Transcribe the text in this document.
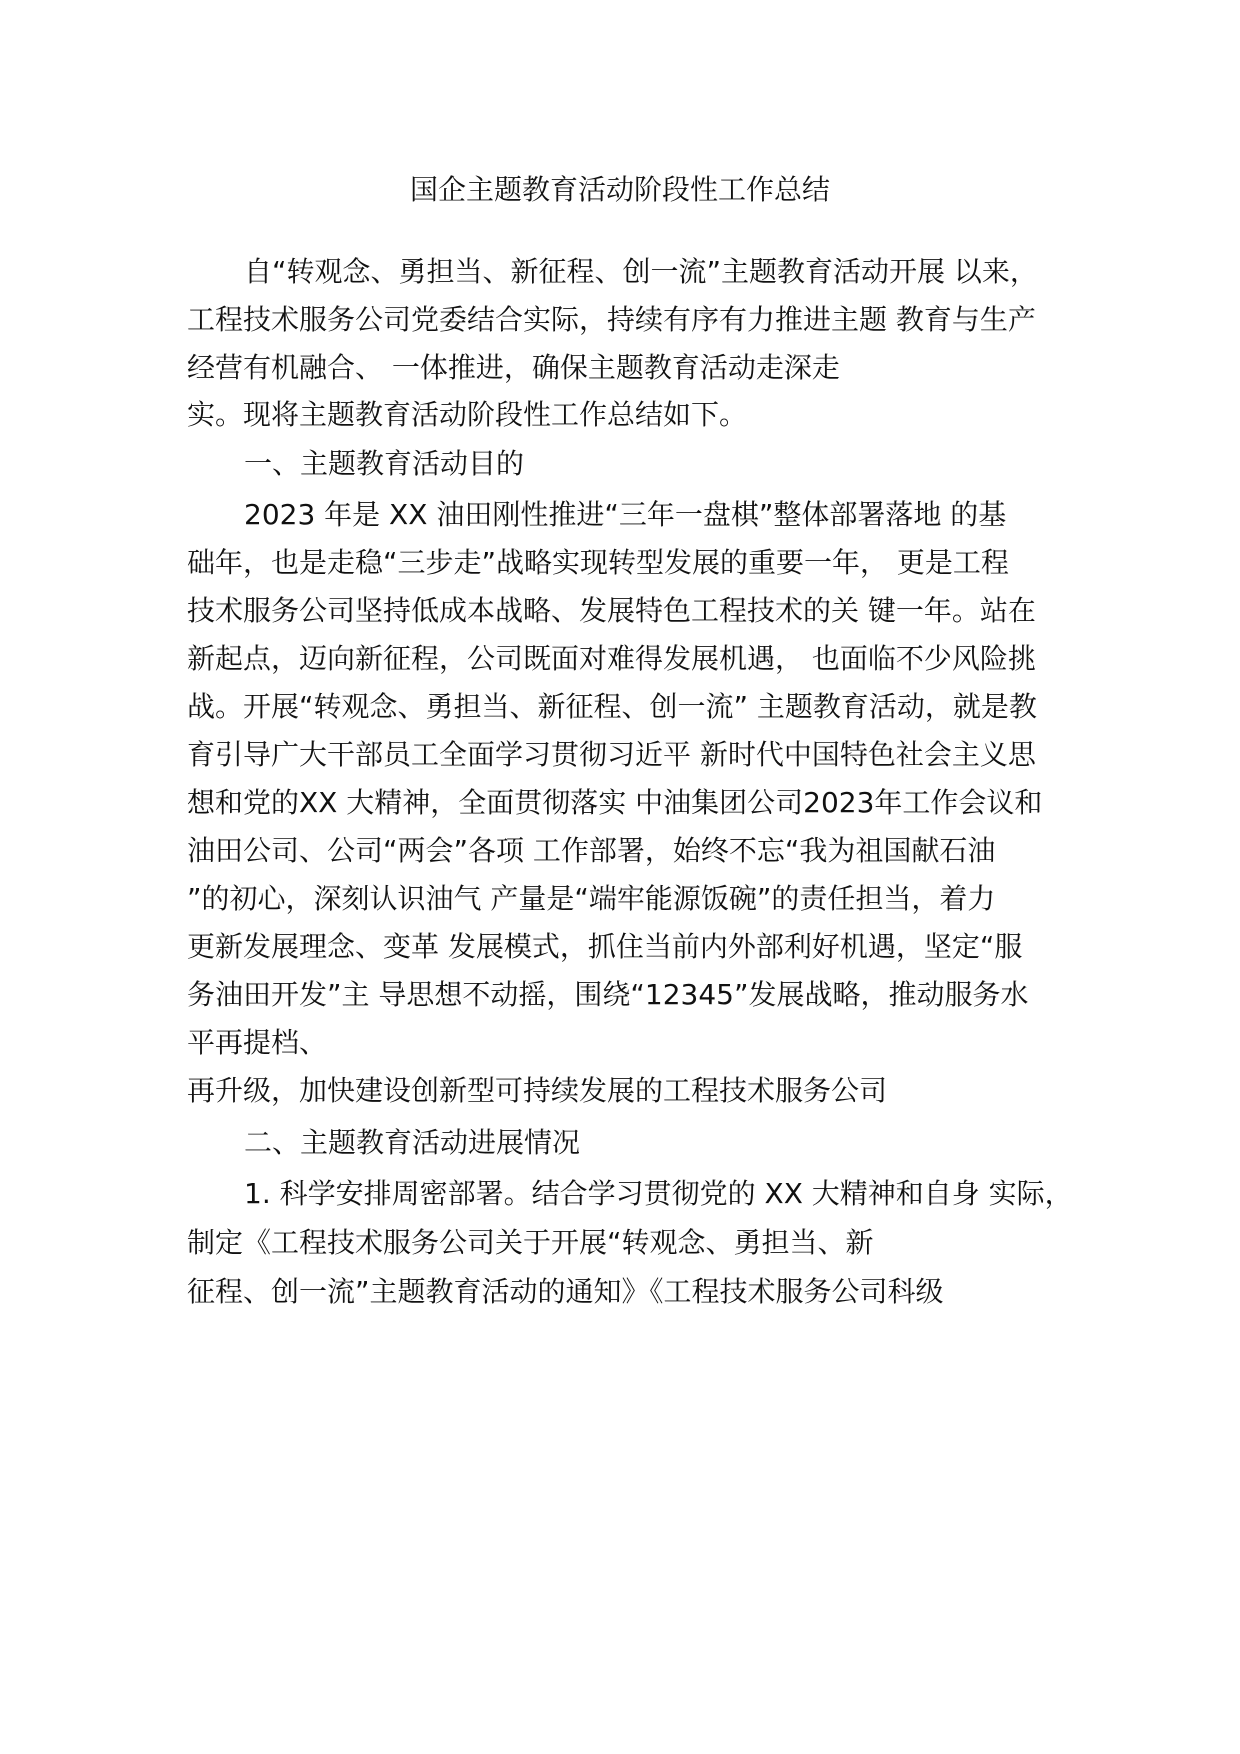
国企主题教育活动阶段性工作总结
自“转观念、勇担当、新征程、创一流”主题教育活动开展 以来，
工程技术服务公司党委结合实际，持续有序有力推进主题 教育与生产
经营有机融合、 一体推进，确保主题教育活动走深走
实。现将主题教育活动阶段性工作总结如下。
一、主题教育活动目的
2023 年是 XX 油田刚性推进“三年一盘棋”整体部署落地 的基
础年，也是走稳“三步走”战略实现转型发展的重要一年， 更是工程
技术服务公司坚持低成本战略、发展特色工程技术的关 键一年。站在
新起点，迈向新征程，公司既面对难得发展机遇， 也面临不少风险挑
战。开展“转观念、勇担当、新征程、创一流” 主题教育活动，就是教
育引导广大干部员工全面学习贯彻习近平 新时代中国特色社会主义思
想和党的XX 大精神，全面贯彻落实 中油集团公司2023年工作会议和
油田公司、公司“两会”各项 工作部署，始终不忘“我为祖国献石油
”的初心，深刻认识油气 产量是“端牢能源饭碗”的责任担当，着力
更新发展理念、变革 发展模式，抓住当前内外部利好机遇，坚定“服
务油田开发”主 导思想不动摇，围绕“12345”发展战略，推动服务水
平再提档、
再升级，加快建设创新型可持续发展的工程技术服务公司
二、主题教育活动进展情况
1. 科学安排周密部署。结合学习贯彻党的 XX 大精神和自身 实际，
制定《工程技术服务公司关于开展“转观念、勇担当、新
征程、创一流”主题教育活动的通知》《工程技术服务公司科级
